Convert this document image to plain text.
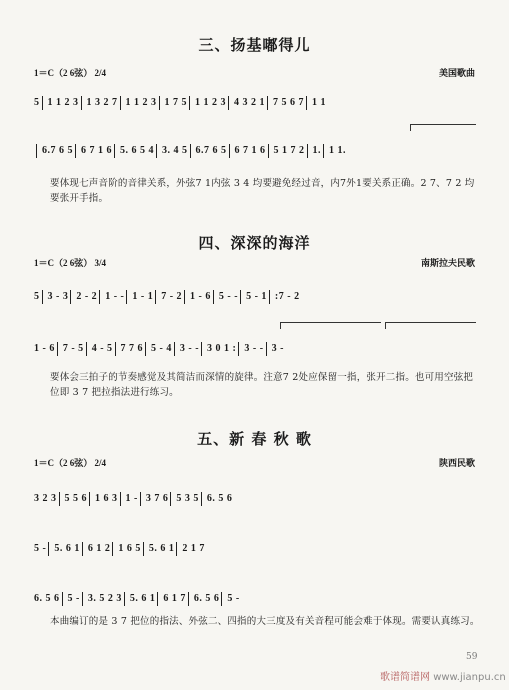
三、扬基嘟得儿
1＝C（2 6弦） 2/4	美国歌曲
5 1 1 2 3 1 3 2 7 1 1 2 3 1 7 5 1 1 2 3 4 3 2 1 7 5 6 7 1 1
6.7 6 5 6 7 1 6 5. 6 5 4 3. 4 5 6.7 6 5 6 7 1 6 5 1 7 2 1. 1 1.
要体现七声音阶的音律关系，外弦7 1内弦 3 4 均要避免经过音，内7外1要关系正确。2 7、7 2 均要张开手指。
四、深深的海洋
1＝C（2 6弦） 3/4	南斯拉夫民歌
5 3 - 3 2 - 2 1 - - 1 - 1 7 - 2 1 - 6 5 - - 5 - 1 :7 - 2
1 - 6 7 - 5 4 - 5 7 7 6 5 - 4 3 - - 3 0 1 : 3 - - 3 -
要体会三拍子的节奏感觉及其简洁而深情的旋律。注意7 2处应保留一指，张开二指。也可用空弦把位即 3 7 把拉指法进行练习。
五、新 春 秋 歌
1＝C（2 6弦） 2/4	陕西民歌
3 2 3 5 5 6 1 6 3 1 - 3 7 6 5 3 5 6. 5 6
5 - 5. 6 1 6 1 2 1 6 5 5. 6 1 2 1 7
6. 5 6 5 - 3. 5 2 3 5. 6 1 6 1 7 6. 5 6 5 -
本曲编订的是 3 7 把位的指法、外弦二、四指的大三度及有关音程可能会难于体现。需要认真练习。
59
歌谱简谱网 www.jianpu.cn
